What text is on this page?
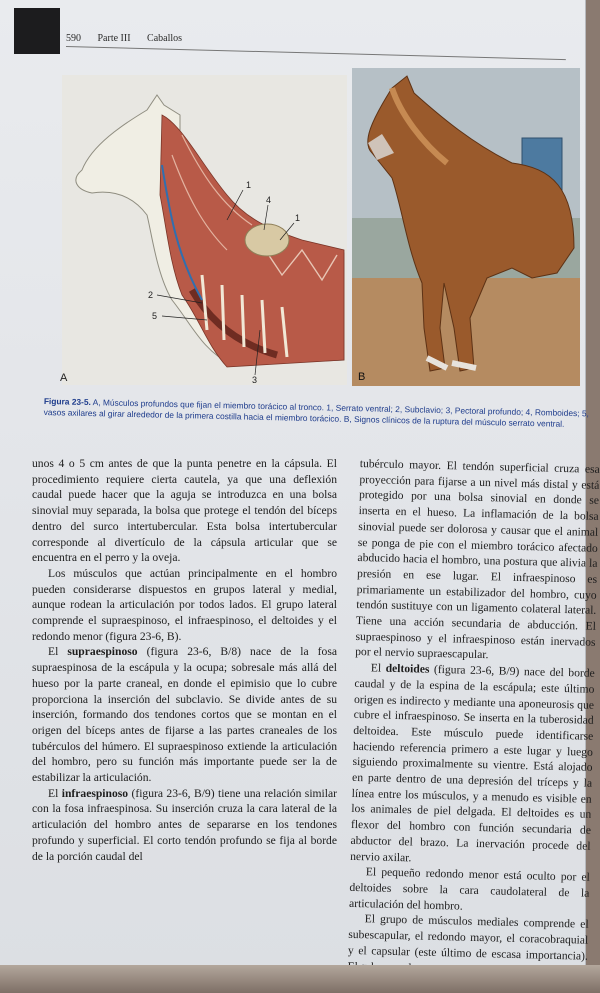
590 Parte III Caballos
1
4
1
2
5
3
A	B
Figura 23-5. A, Músculos profundos que fijan el miembro torácico al tronco. 1, Serrato ventral; 2, Subclavio; 3, Pectoral profundo; 4, Romboides; 5, vasos axilares al girar alrededor de la primera costilla hacia el miembro torácico. B, Signos clínicos de la ruptura del músculo serrato ventral.

unos 4 o 5 cm antes de que la punta penetre en la cápsula. El procedimiento requiere cierta cautela, ya que una deflexión caudal puede hacer que la aguja se introduzca en una bolsa sinovial muy separada, la bolsa que protege el tendón del bíceps dentro del surco intertubercular. Esta bolsa intertubercular corresponde al divertículo de la cápsula articular que se encuentra en el perro y la oveja.

Los músculos que actúan principalmente en el hombro pueden considerarse dispuestos en grupos lateral y medial, aunque rodean la articulación por todos lados. El grupo lateral comprende el supraespinoso, el infraespinoso, el deltoides y el redondo menor (figura 23-6, B).

El supraespinoso (figura 23-6, B/8) nace de la fosa supraespinosa de la escápula y la ocupa; sobresale más allá del hueso por la parte craneal, en donde el epimisio que lo cubre proporciona la inserción del subclavio. Se divide antes de su inserción, formando dos tendones cortos que se montan en el origen del bíceps antes de fijarse a las partes craneales de los tubérculos del húmero. El supraespinoso extiende la articulación del hombro, pero su función más importante puede ser la de estabilizar la articulación.

El infraespinoso (figura 23-6, B/9) tiene una relación similar con la fosa infraespinosa. Su inserción cruza la cara lateral de la articulación del hombro antes de separarse en los tendones profundo y superficial. El corto tendón profundo se fija al borde de la porción caudal del

tubérculo mayor. El tendón superficial cruza esa proyección para fijarse a un nivel más distal y está protegido por una bolsa sinovial en donde se inserta en el hueso. La inflamación de la bolsa sinovial puede ser dolorosa y causar que el animal se ponga de pie con el miembro torácico afectado abducido hacia el hombro, una postura que alivia la presión en ese lugar. El infraespinoso es primariamente un estabilizador del hombro, cuyo tendón sustituye con un ligamento colateral lateral. Tiene una acción secundaria de abducción. El supraespinoso y el infraespinoso están inervados por el nervio supraescapular.

El deltoides (figura 23-6, B/9) nace del borde caudal y de la espina de la escápula; este último origen es indirecto y mediante una aponeurosis que cubre el infraespinoso. Se inserta en la tuberosidad deltoidea. Este músculo puede identificarse haciendo referencia primero a este lugar y luego siguiendo proximalmente su vientre. Está alojado en parte dentro de una depresión del tríceps y la línea entre los músculos, y a menudo es visible en los animales de piel delgada. El deltoides es un flexor del hombro con función secundaria de abductor del brazo. La inervación procede del nervio axilar.

El pequeño redondo menor está oculto por el deltoides sobre la cara caudolateral de la articulación del hombro.

El grupo de músculos mediales comprende el subescapular, el redondo mayor, el coracobraquial y el capsular (este último de escasa importancia).
